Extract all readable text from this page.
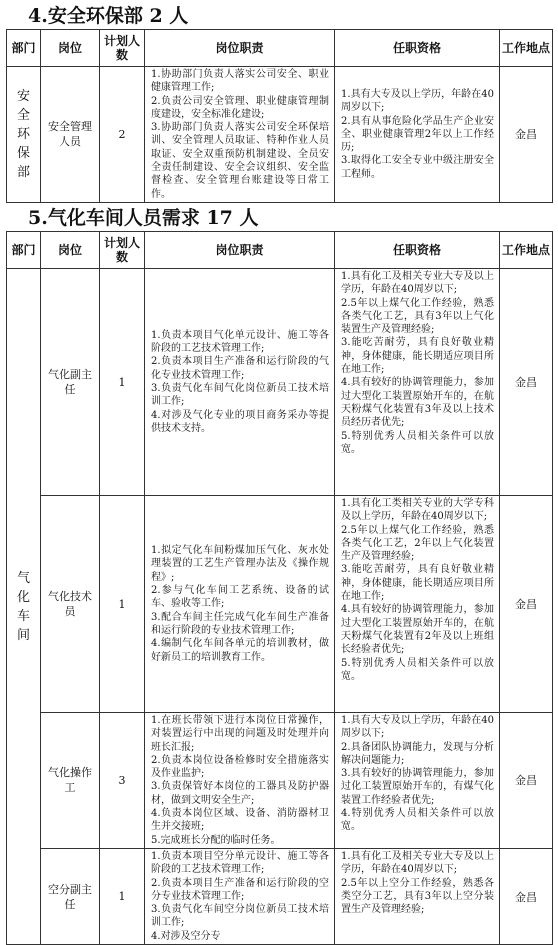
4.安全环保部 2 人
部门	岗位	计划人数	岗位职责	任职资格	工作地点
安全环保部	安全管理人员	2	1.协助部门负责人落实公司安全、职业健康管理工作;
2.负责公司安全管理、职业健康管理制度建设，安全标准化建设;
3.协助部门负责人落实公司安全环保培训、安全管理人员取证、特种作业人员取证、安全双重预防机制建设、全员安全责任制建设、安全会议组织、安全监督检查、安全管理台账建设等日常工作。	1.具有大专及以上学历，年龄在40周岁以下;
2.具有从事危险化学品生产企业安全、职业健康管理2年以上工作经历;
3.取得化工安全专业中级注册安全工程师。	金昌
5.气化车间人员需求 17 人
部门	岗位	计划人数	岗位职责	任职资格	工作地点
气化车间	气化副主任	1	1.负责本项目气化单元设计、施工等各阶段的工艺技术管理工作;
2.负责本项目生产准备和运行阶段的气化专业技术管理工作;
3.负责气化车间气化岗位新员工技术培训工作;
4.对涉及气化专业的项目商务采办等提供技术支持。	1.具有化工及相关专业大专及以上学历，年龄在40周岁以下;
2.5年以上煤气化工作经验，熟悉各类气化工艺，具有3年以上气化装置生产及管理经验;
3.能吃苦耐劳，具有良好敬业精神，身体健康，能长期适应项目所在地工作;
4.具有较好的协调管理能力，参加过大型化工装置原始开车的，在航天粉煤气化装置有3年及以上技术员经历者优先;
5.特别优秀人员相关条件可以放宽。	金昌
	气化技术员	1	1.拟定气化车间粉煤加压气化、灰水处理装置的工艺生产管理办法及《操作规程》;
2.参与气化车间工艺系统、设备的试车、验收等工作;
3.配合车间主任完成气化车间生产准备和运行阶段的专业技术管理工作;
4.编制气化车间各单元的培训教材，做好新员工的培训教育工作。	1.具有化工类相关专业的大学专科及以上学历，年龄在40周岁以下;
2.5年以上煤气化工作经验，熟悉各类气化工艺，2年以上气化装置生产及管理经验;
3.能吃苦耐劳，具有良好敬业精神，身体健康，能长期适应项目所在地工作;
4.具有较好的协调管理能力，参加过大型化工装置原始开车的，在航天粉煤气化装置有2年及以上班组长经验者优先;
5.特别优秀人员相关条件可以放宽。	金昌
	气化操作工	3	1.在班长带领下进行本岗位日常操作，对装置运行中出现的问题及时处理并向班长汇报;
2.负责本岗位设备检修时安全措施落实及作业监护;
3.负责保管好本岗位的工器具及防护器材，做到文明安全生产;
4.负责本岗位区域、设备、消防器材卫生并交接班;
5.完成班长分配的临时任务。	1.具有大专及以上学历，年龄在40周岁以下;
2.具备团队协调能力，发现与分析解决问题能力;
3.具有较好的协调管理能力，参加过化工装置原始开车的，有煤气化装置工作经验者优先;
4.特别优秀人员相关条件可以放宽。	金昌
	空分副主任	1	1.负责本项目空分单元设计、施工等各阶段的工艺技术管理工作;
2.负责本项目生产准备和运行阶段的空分专业技术管理工作;
3.负责气化车间空分岗位新员工技术培训工作;
4.对涉及空分专	1.具有化工及相关专业大专及以上学历，年龄在40周岁以下;
2.5年以上空分工作经验，熟悉各类空分工艺，具有3年以上空分装置生产及管理经验;	金昌
